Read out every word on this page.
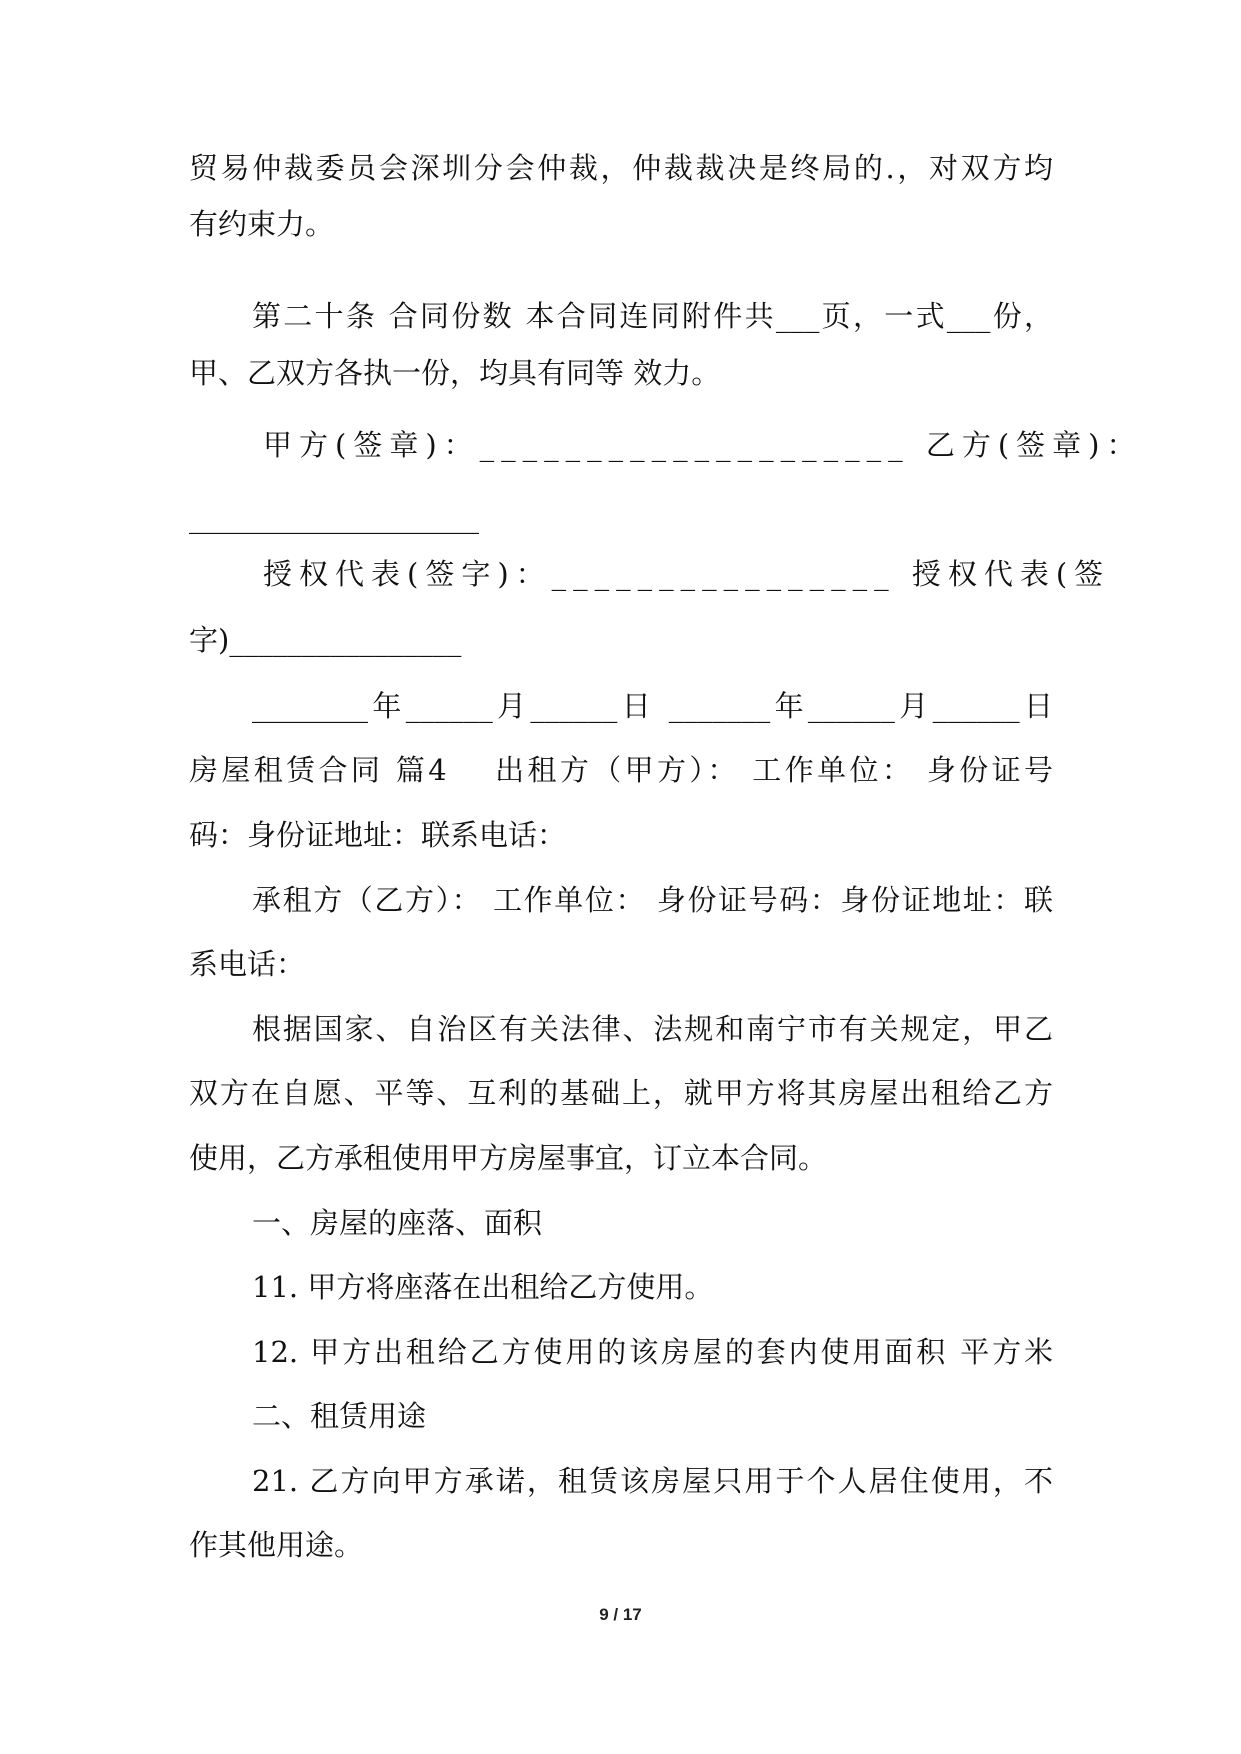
贸易仲裁委员会深圳分会仲裁，仲裁裁决是终局的.，对双方均
有约束力。
第二十条 合同份数 本合同连同附件共___页，一式___份，
甲、乙双方各执一份，均具有同等 效力。
甲方(签章)：____________________ 乙方(签章)：
____________________
授权代表(签字)：________________ 授权代表(签
字)________________
________年______月______日 _______年______月______日
房屋租赁合同 篇4　 出租方（甲方）： 工作单位： 身份证号
码：身份证地址：联系电话：
承租方（乙方）： 工作单位： 身份证号码：身份证地址：联
系电话：
根据国家、自治区有关法律、法规和南宁市有关规定，甲乙
双方在自愿、平等、互利的基础上，就甲方将其房屋出租给乙方
使用，乙方承租使用甲方房屋事宜，订立本合同。
一、房屋的座落、面积
11. 甲方将座落在出租给乙方使用。
12. 甲方出租给乙方使用的该房屋的套内使用面积 平方米
二、租赁用途
21. 乙方向甲方承诺，租赁该房屋只用于个人居住使用，不
作其他用途。
9 / 17
